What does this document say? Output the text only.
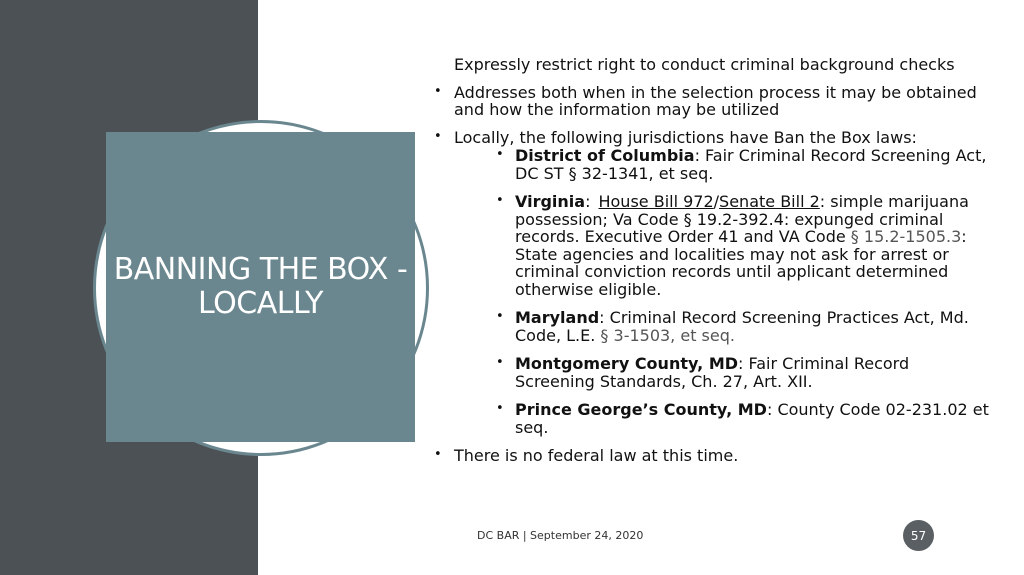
BANNING THE BOX - LOCALLY
Expressly restrict right to conduct criminal background checks
• Addresses both when in the selection process it may be obtained and how the information may be utilized
• Locally, the following jurisdictions have Ban the Box laws:
• District of Columbia: Fair Criminal Record Screening Act, DC ST § 32-1341, et seq.
• Virginia: House Bill 972/Senate Bill 2: simple marijuana possession; Va Code § 19.2-392.4: expunged criminal records. Executive Order 41 and VA Code § 15.2-1505.3: State agencies and localities may not ask for arrest or criminal conviction records until applicant determined otherwise eligible.
• Maryland: Criminal Record Screening Practices Act, Md. Code, L.E. § 3-1503, et seq.
• Montgomery County, MD: Fair Criminal Record Screening Standards, Ch. 27, Art. XII.
• Prince George’s County, MD: County Code 02-231.02 et seq.
• There is no federal law at this time.
DC BAR | September 24, 2020	57
